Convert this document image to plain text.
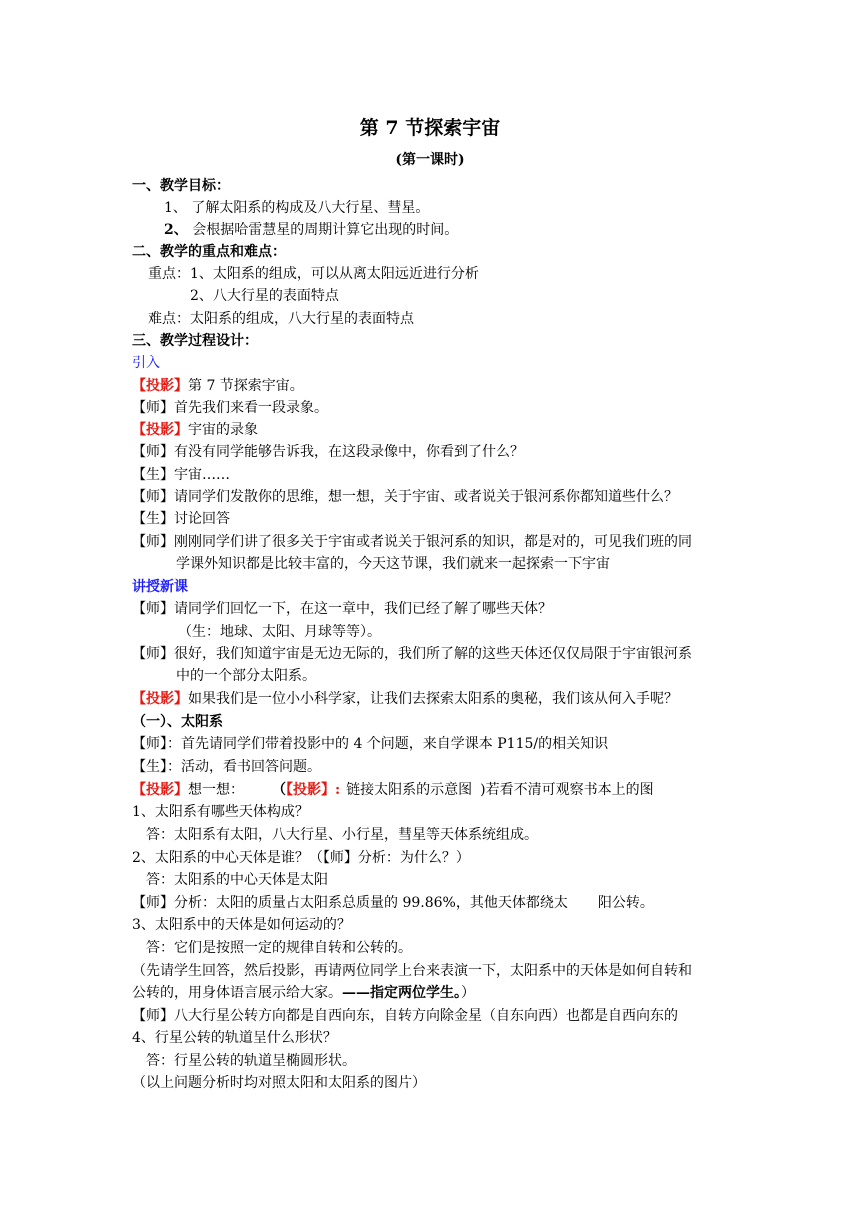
第 7 节探索宇宙
(第一课时)
一、教学目标：
1、 了解太阳系的构成及八大行星、彗星。
2、 会根据哈雷慧星的周期计算它出现的时间。
二、教学的重点和难点：
重点：1、太阳系的组成，可以从离太阳远近进行分析
2、八大行星的表面特点
难点：太阳系的组成，八大行星的表面特点
三、教学过程设计：
引入
【投影】第 7 节探索宇宙。
【师】首先我们来看一段录象。
【投影】宇宙的录象
【师】有没有同学能够告诉我，在这段录像中，你看到了什么？
【生】宇宙……
【师】请同学们发散你的思维，想一想，关于宇宙、或者说关于银河系你都知道些什么？
【生】讨论回答
【师】刚刚同学们讲了很多关于宇宙或者说关于银河系的知识，都是对的，可见我们班的同
学课外知识都是比较丰富的，今天这节课，我们就来一起探索一下宇宙
讲授新课
【师】请同学们回忆一下，在这一章中，我们已经了解了哪些天体？
（生：地球、太阳、月球等等）。
【师】很好，我们知道宇宙是无边无际的，我们所了解的这些天体还仅仅局限于宇宙银河系
中的一个部分太阳系。
【投影】如果我们是一位小小科学家，让我们去探索太阳系的奥秘，我们该从何入手呢？
（一）、太阳系
【师】：首先请同学们带着投影中的 4 个问题，来自学课本 P115/的相关知识
【生】：活动，看书回答问题。
【投影】想一想： （【投影】: 链接太阳系的示意图 )若看不清可观察书本上的图
1、太阳系有哪些天体构成？
答：太阳系有太阳，八大行星、小行星，彗星等天体系统组成。
2、太阳系的中心天体是谁？（【师】分析：为什么？）
答：太阳系的中心天体是太阳
【师】分析：太阳的质量占太阳系总质量的 99.86%，其他天体都绕太 阳公转。
3、太阳系中的天体是如何运动的？
答：它们是按照一定的规律自转和公转的。
（先请学生回答，然后投影，再请两位同学上台来表演一下，太阳系中的天体是如何自转和
公转的，用身体语言展示给大家。——指定两位学生。）
【师】八大行星公转方向都是自西向东，自转方向除金星（自东向西）也都是自西向东的
4、行星公转的轨道呈什么形状？
答：行星公转的轨道呈椭圆形状。
（以上问题分析时均对照太阳和太阳系的图片）
